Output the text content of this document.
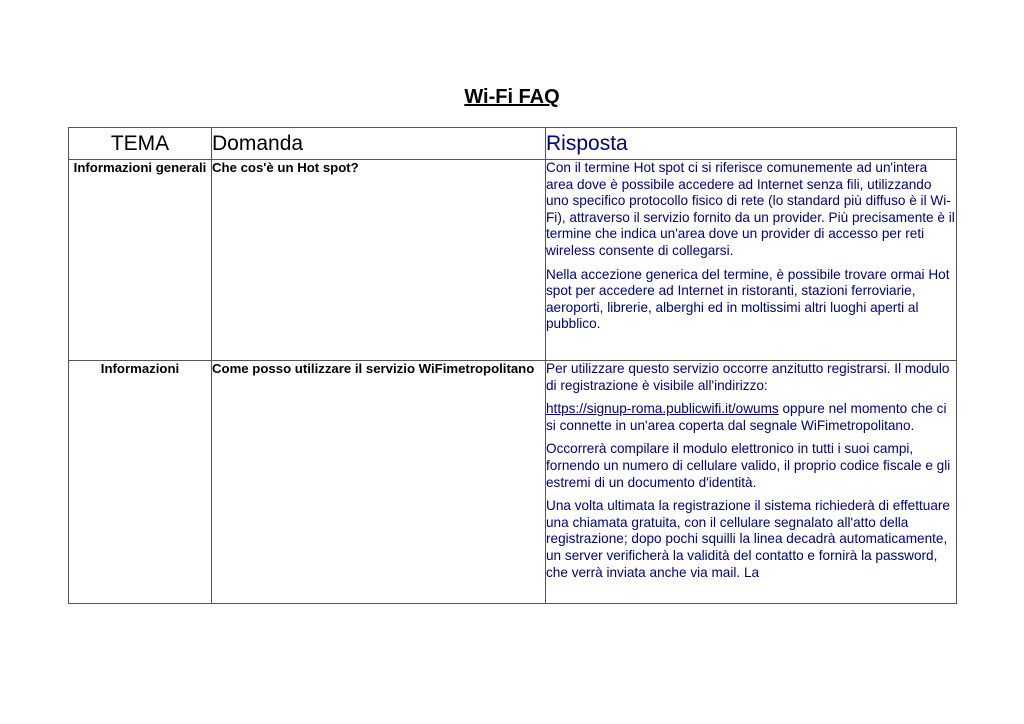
Wi-Fi FAQ
TEMA	Domanda	Risposta
Informazioni generali	Che cos'è un Hot spot?	Con il termine Hot spot ci si riferisce comunemente ad un'intera area dove è possibile accedere ad Internet senza fili, utilizzando uno specifico protocollo fisico di rete (lo standard più diffuso è il Wi-Fi), attraverso il servizio fornito da un provider. Più precisamente è il termine che indica un'area dove un provider di accesso per reti wireless consente di collegarsi.

Nella accezione generica del termine, è possibile trovare ormai Hot spot per accedere ad Internet in ristoranti, stazioni ferroviarie, aeroporti, librerie, alberghi ed in moltissimi altri luoghi aperti al pubblico.

Informazioni	Come posso utilizzare il servizio WiFimetropolitano	Per utilizzare questo servizio occorre anzitutto registrarsi. Il modulo di registrazione è visibile all'indirizzo:

https://signup-roma.publicwifi.it/owums oppure nel momento che ci si connette in un'area coperta dal segnale WiFimetropolitano.

Occorrerà compilare il modulo elettronico in tutti i suoi campi, fornendo un numero di cellulare valido, il proprio codice fiscale e gli estremi di un documento d'identità.

Una volta ultimata la registrazione il sistema richiederà di effettuare una chiamata gratuita, con il cellulare segnalato all'atto della registrazione; dopo pochi squilli la linea decadrà automaticamente, un server verificherà la validità del contatto e fornirà la password, che verrà inviata anche via mail. La
